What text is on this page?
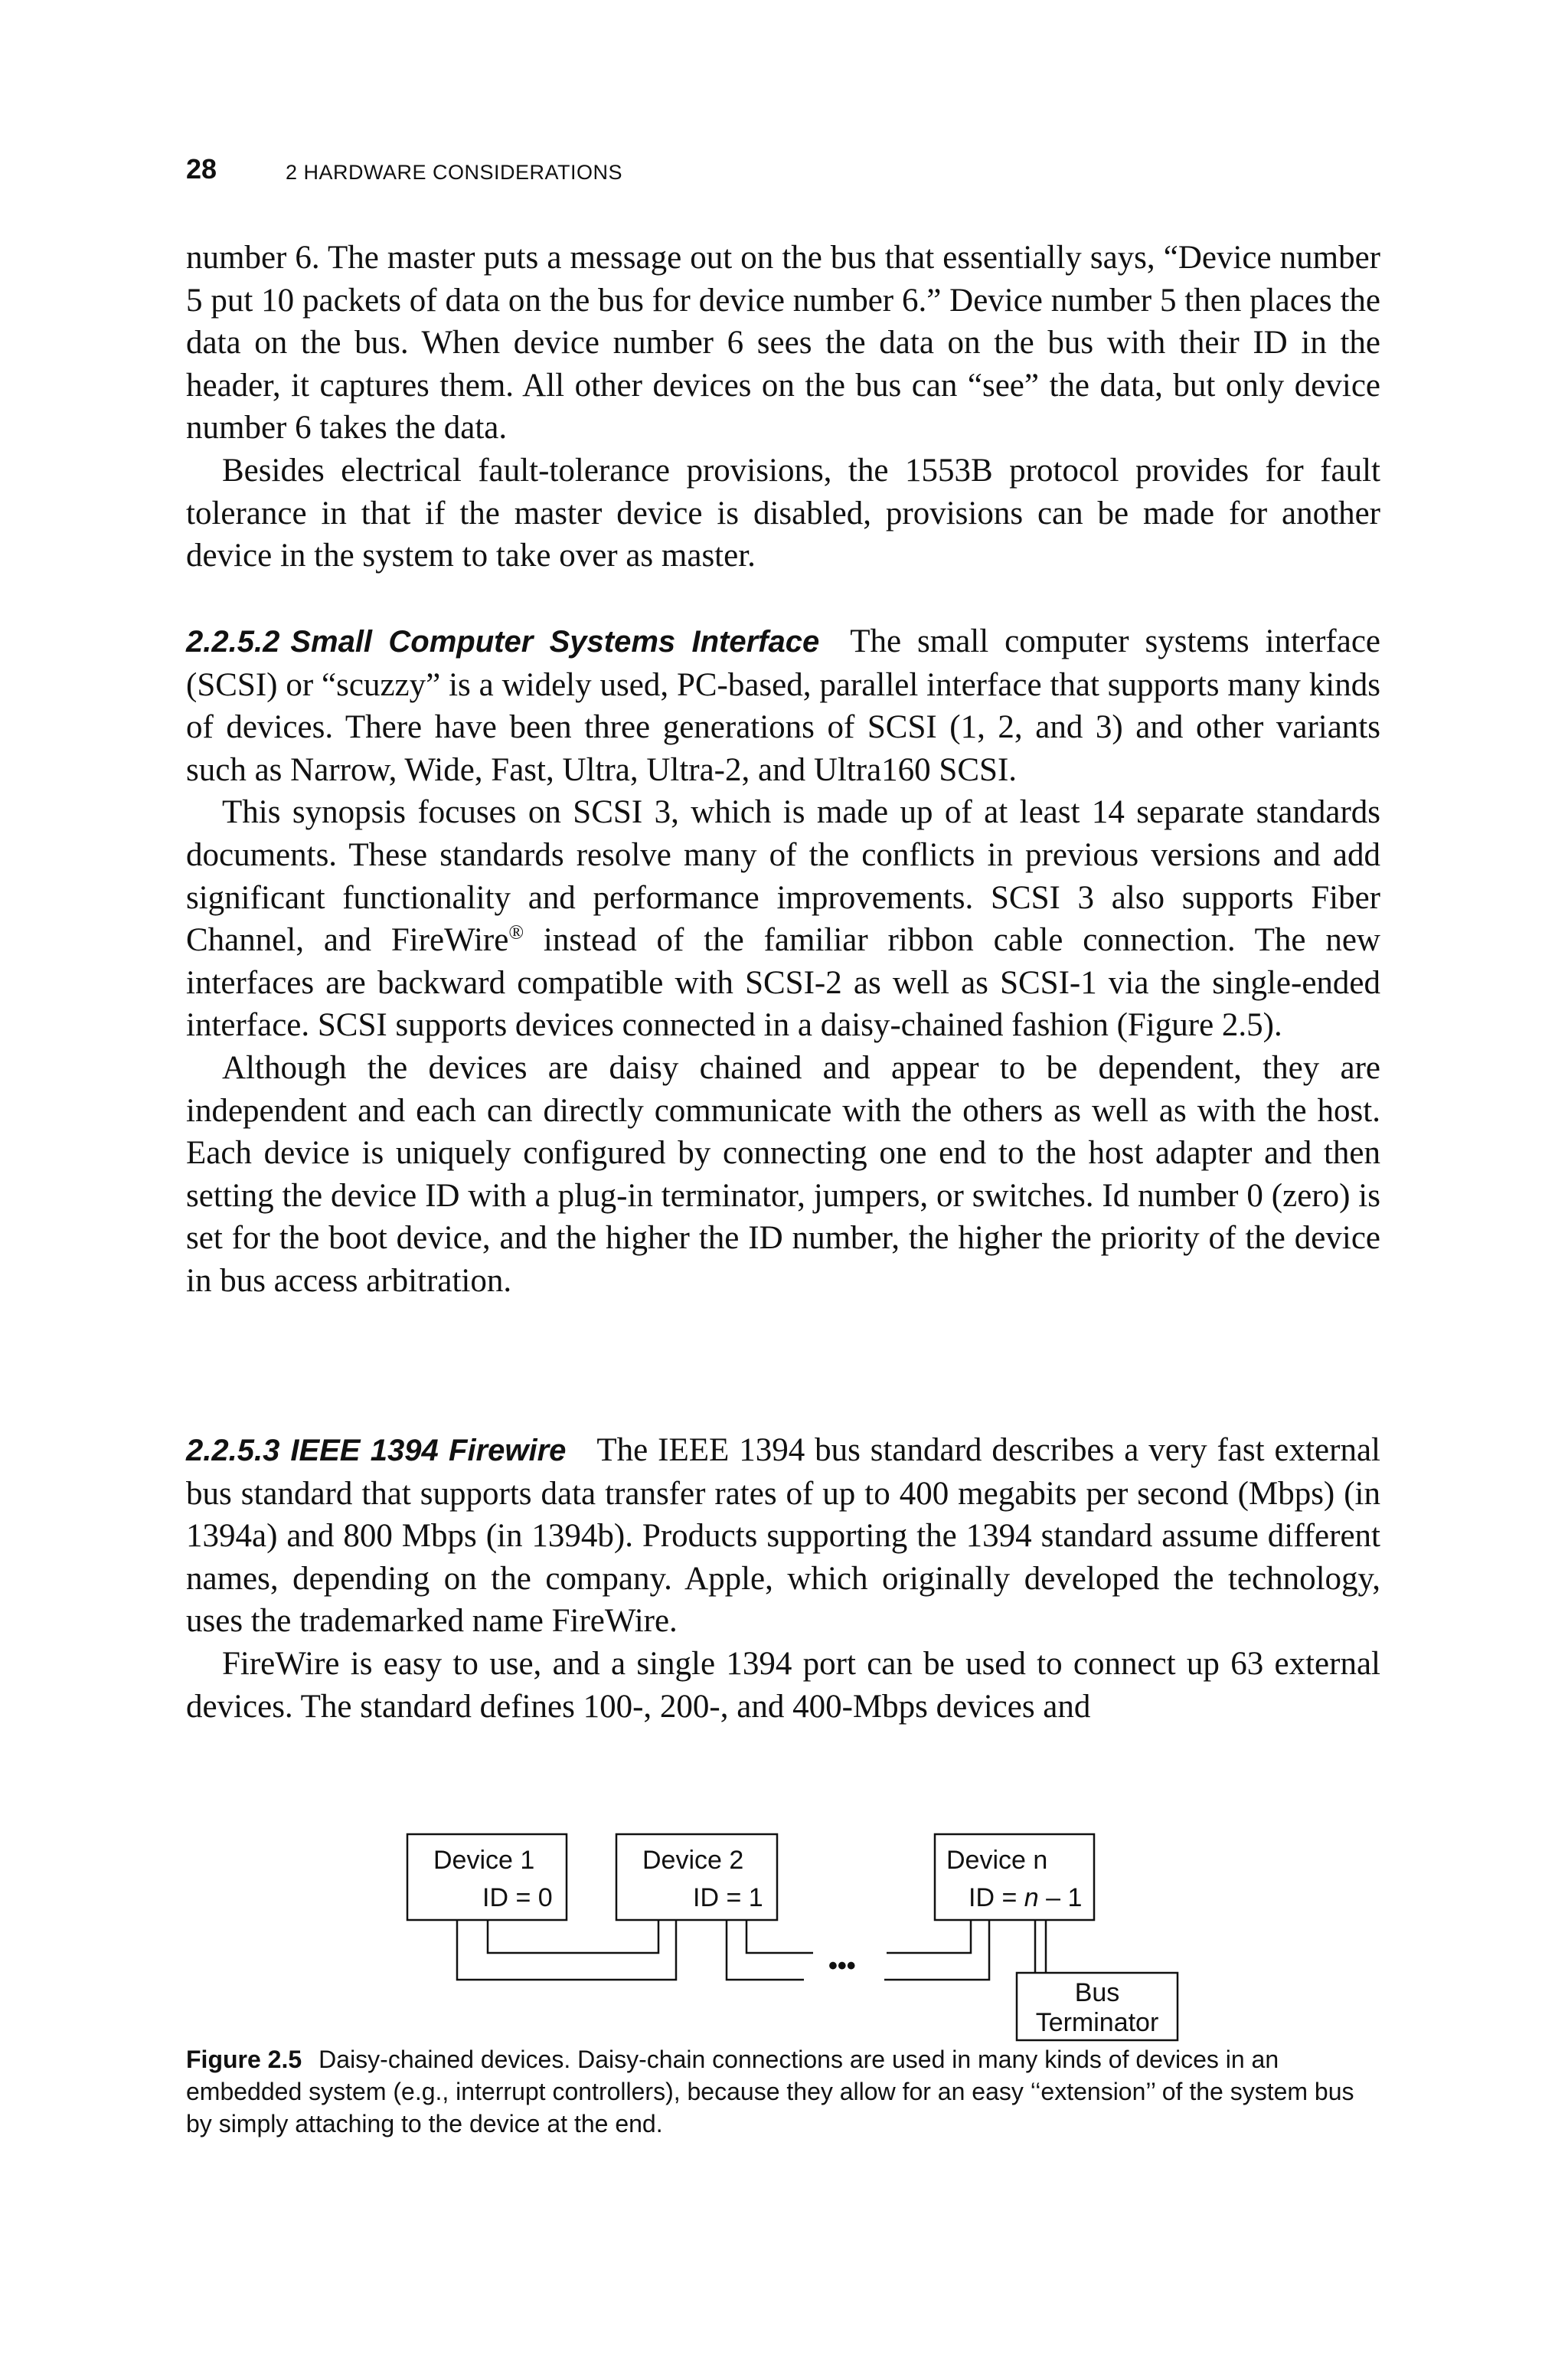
28	2 HARDWARE CONSIDERATIONS

number 6. The master puts a message out on the bus that essentially says, “Device number 5 put 10 packets of data on the bus for device number 6.” Device number 5 then places the data on the bus. When device number 6 sees the data on the bus with their ID in the header, it captures them. All other devices on the bus can “see” the data, but only device number 6 takes the data.

Besides electrical fault-tolerance provisions, the 1553B protocol provides for fault tolerance in that if the master device is disabled, provisions can be made for another device in the system to take over as master.

2.2.5.2 Small Computer Systems Interface The small computer systems interface (SCSI) or “scuzzy” is a widely used, PC-based, parallel interface that supports many kinds of devices. There have been three generations of SCSI (1, 2, and 3) and other variants such as Narrow, Wide, Fast, Ultra, Ultra-2, and Ultra160 SCSI.

This synopsis focuses on SCSI 3, which is made up of at least 14 separate standards documents. These standards resolve many of the conflicts in previous versions and add significant functionality and performance improvements. SCSI 3 also supports Fiber Channel, and FireWire® instead of the familiar ribbon cable connection. The new interfaces are backward compatible with SCSI-2 as well as SCSI-1 via the single-ended interface. SCSI supports devices connected in a daisy-chained fashion (Figure 2.5).

Although the devices are daisy chained and appear to be dependent, they are independent and each can directly communicate with the others as well as with the host. Each device is uniquely configured by connecting one end to the host adapter and then setting the device ID with a plug-in terminator, jumpers, or switches. Id number 0 (zero) is set for the boot device, and the higher the ID number, the higher the priority of the device in bus access arbitration.

2.2.5.3 IEEE 1394 Firewire The IEEE 1394 bus standard describes a very fast external bus standard that supports data transfer rates of up to 400 megabits per second (Mbps) (in 1394a) and 800 Mbps (in 1394b). Products supporting the 1394 standard assume different names, depending on the company. Apple, which originally developed the technology, uses the trademarked name FireWire.

FireWire is easy to use, and a single 1394 port can be used to connect up 63 external devices. The standard defines 100-, 200-, and 400-Mbps devices and

Device 1
ID = 0
Device 2
ID = 1
Device n
ID = n – 1
•••
Bus
Terminator
Figure 2.5 Daisy-chained devices. Daisy-chain connections are used in many kinds of devices in an embedded system (e.g., interrupt controllers), because they allow for an easy ‘‘extension’’ of the system bus by simply attaching to the device at the end.
